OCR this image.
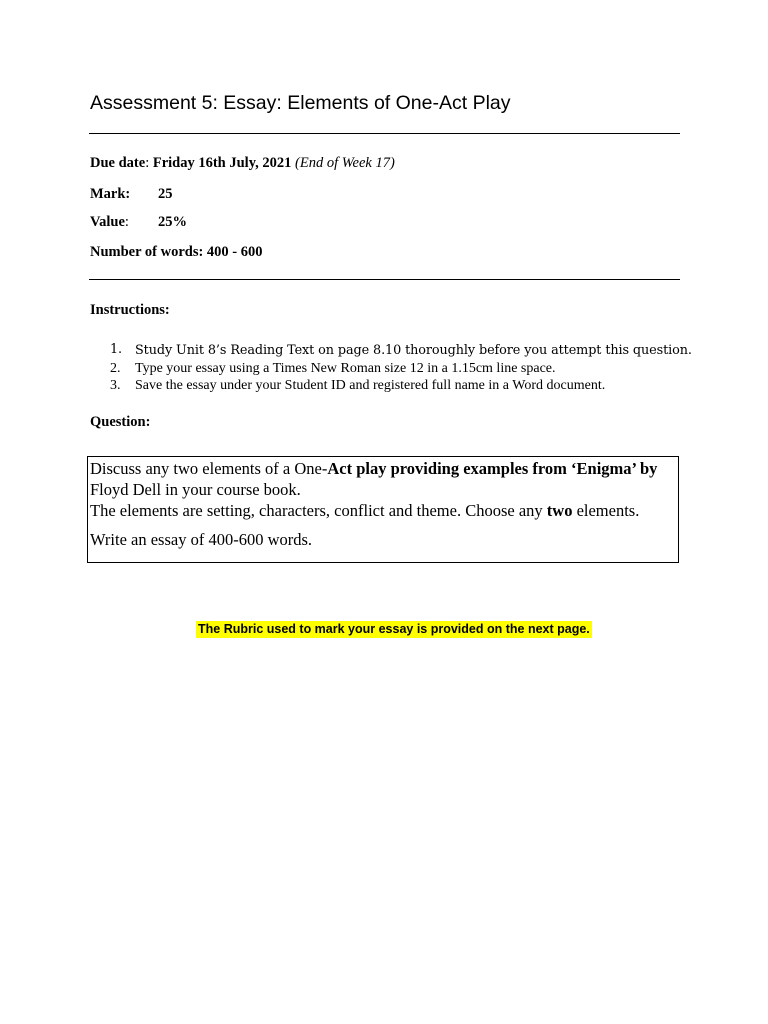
Assessment 5: Essay: Elements of One-Act Play
Due date: Friday 16th July, 2021 (End of Week 17)
Mark: 25
Value: 25%
Number of words: 400 - 600
Instructions:
1. Study Unit 8’s Reading Text on page 8.10 thoroughly before you attempt this question.
2. Type your essay using a Times New Roman size 12 in a 1.15cm line space.
3. Save the essay under your Student ID and registered full name in a Word document.
Question:

Discuss any two elements of a One-Act play providing examples from ‘Enigma’ by

Floyd Dell in your course book.

The elements are setting, characters, conflict and theme. Choose any two elements.

Write an essay of 400-600 words.

The Rubric used to mark your essay is provided on the next page.
